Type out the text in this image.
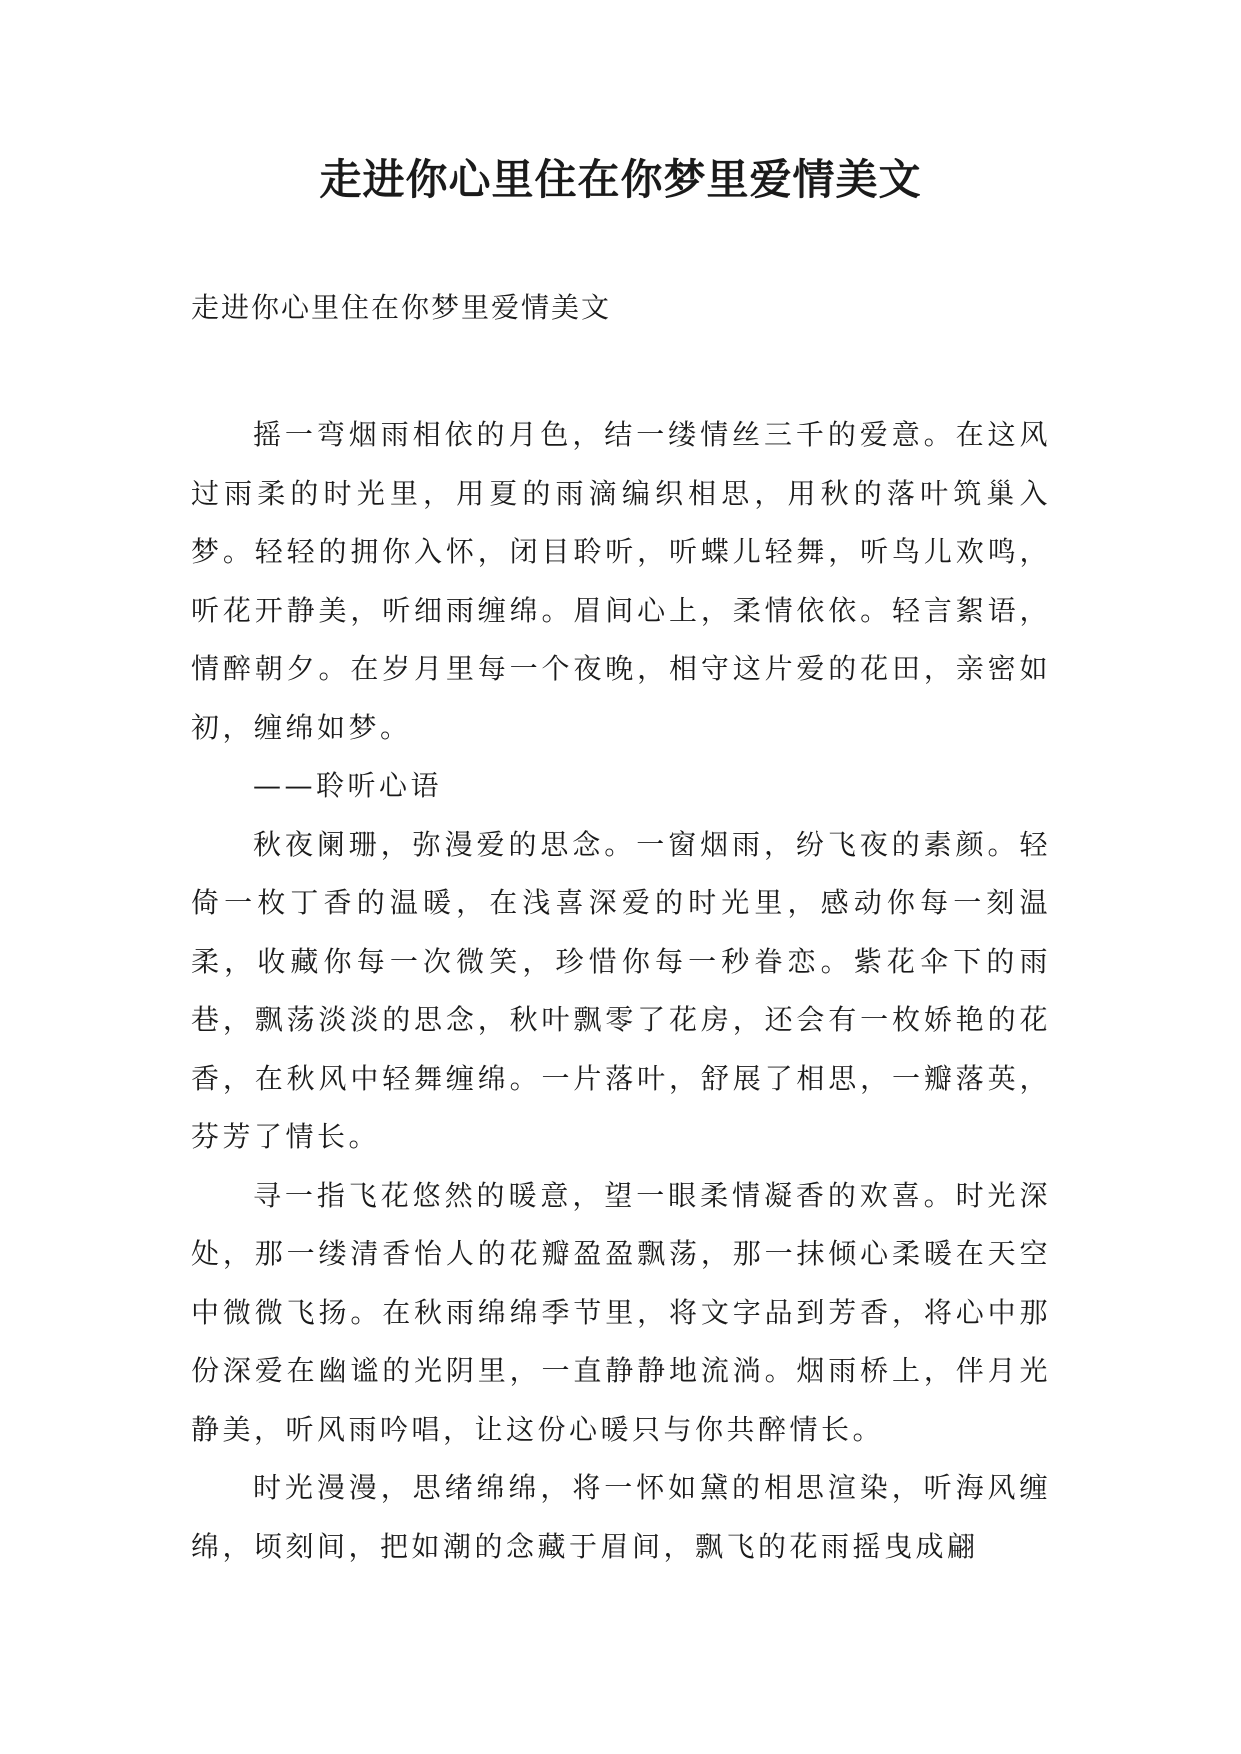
走进你心里住在你梦里爱情美文

走进你心里住在你梦里爱情美文

摇一弯烟雨相依的月色，结一缕情丝三千的爱意。在这风过雨柔的时光里，用夏的雨滴编织相思，用秋的落叶筑巢入梦。轻轻的拥你入怀，闭目聆听，听蝶儿轻舞，听鸟儿欢鸣，听花开静美，听细雨缠绵。眉间心上，柔情依依。轻言絮语，情醉朝夕。在岁月里每一个夜晚，相守这片爱的花田，亲密如初，缠绵如梦。

——聆听心语

秋夜阑珊，弥漫爱的思念。一窗烟雨，纷飞夜的素颜。轻倚一枚丁香的温暖，在浅喜深爱的时光里，感动你每一刻温柔，收藏你每一次微笑，珍惜你每一秒眷恋。紫花伞下的雨巷，飘荡淡淡的思念，秋叶飘零了花房，还会有一枚娇艳的花香，在秋风中轻舞缠绵。一片落叶，舒展了相思，一瓣落英，芬芳了情长。

寻一指飞花悠然的暖意，望一眼柔情凝香的欢喜。时光深处，那一缕清香怡人的花瓣盈盈飘荡，那一抹倾心柔暖在天空中微微飞扬。在秋雨绵绵季节里，将文字品到芳香，将心中那份深爱在幽谧的光阴里，一直静静地流淌。烟雨桥上，伴月光静美，听风雨吟唱，让这份心暖只与你共醉情长。

时光漫漫，思绪绵绵，将一怀如黛的相思渲染，听海风缠绵，顷刻间，把如潮的念藏于眉间，飘飞的花雨摇曳成翩
